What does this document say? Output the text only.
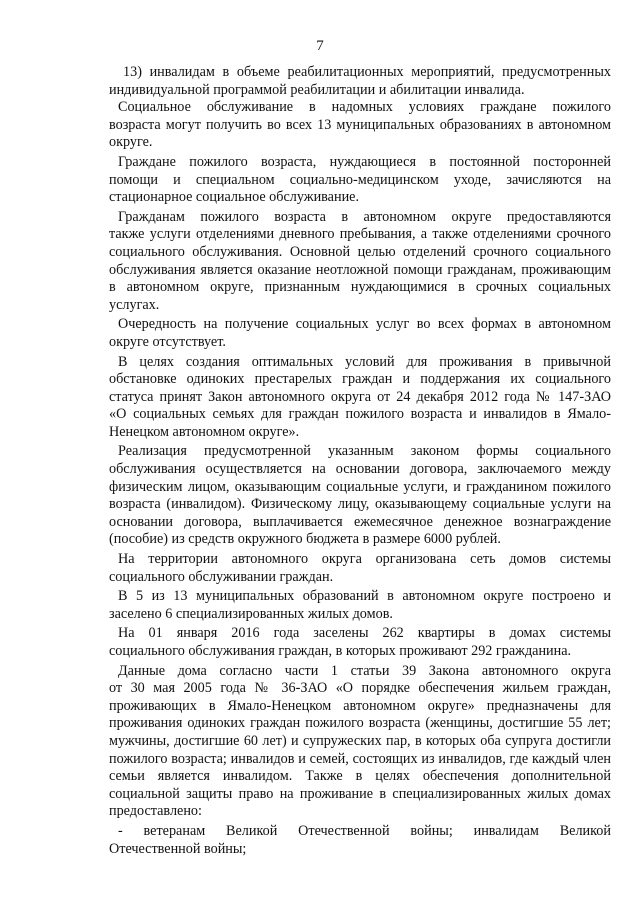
7
13) инвалидам в объеме реабилитационных мероприятий, предусмотренных
индивидуальной программой реабилитации и абилитации инвалида.
Социальное обслуживание в надомных условиях граждане пожилого
возраста могут получить во всех 13 муниципальных образованиях в автономном
округе.
Граждане пожилого возраста, нуждающиеся в постоянной посторонней
помощи и специальном социально-медицинском уходе, зачисляются на
стационарное социальное обслуживание.
Гражданам пожилого возраста в автономном округе предоставляются
также услуги отделениями дневного пребывания, а также отделениями срочного
социального обслуживания. Основной целью отделений срочного социального
обслуживания является оказание неотложной помощи гражданам, проживающим
в автономном округе, признанным нуждающимися в срочных социальных
услугах.
Очередность на получение социальных услуг во всех формах в автономном
округе отсутствует.
В целях создания оптимальных условий для проживания в привычной
обстановке одиноких престарелых граждан и поддержания их социального
статуса принят Закон автономного округа от 24 декабря 2012 года № 147-ЗАО
«О социальных семьях для граждан пожилого возраста и инвалидов в Ямало-
Ненецком автономном округе».
Реализация предусмотренной указанным законом формы социального
обслуживания осуществляется на основании договора, заключаемого между
физическим лицом, оказывающим социальные услуги, и гражданином пожилого
возраста (инвалидом). Физическому лицу, оказывающему социальные услуги на
основании договора, выплачивается ежемесячное денежное вознаграждение
(пособие) из средств окружного бюджета в размере 6000 рублей.
На территории автономного округа организована сеть домов системы
социального обслуживании граждан.
В 5 из 13 муниципальных образований в автономном округе построено и
заселено 6 специализированных жилых домов.
На 01 января 2016 года заселены 262 квартиры в домах системы
социального обслуживания граждан, в которых проживают 292 гражданина.
Данные дома согласно части 1 статьи 39 Закона автономного округа
от 30 мая 2005 года № 36-ЗАО «О порядке обеспечения жильем граждан,
проживающих в Ямало-Ненецком автономном округе» предназначены для
проживания одиноких граждан пожилого возраста (женщины, достигшие 55 лет;
мужчины, достигшие 60 лет) и супружеских пар, в которых оба супруга достигли
пожилого возраста; инвалидов и семей, состоящих из инвалидов, где каждый член
семьи является инвалидом. Также в целях обеспечения дополнительной
социальной защиты право на проживание в специализированных жилых домах
предоставлено:
- ветеранам Великой Отечественной войны; инвалидам Великой
Отечественной войны;
